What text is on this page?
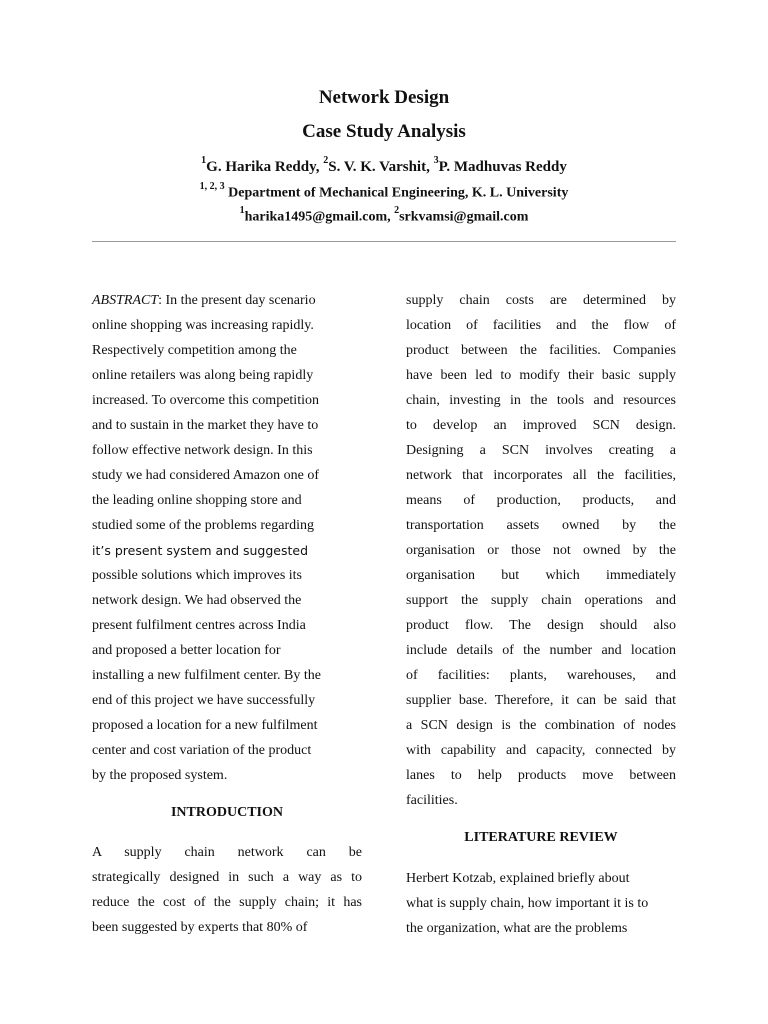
Network Design
Case Study Analysis
$^1$G. Harika Reddy, $^2$S. V. K. Varshit, $^3$P. Madhuvas Reddy
$^{1, 2, 3}$ Department of Mechanical Engineering, K. L. University
$^1$harika1495@gmail.com, $^2$srkvamsi@gmail.com
ABSTRACT: In the present day scenario
online shopping was increasing rapidly.
Respectively competition among the
online retailers was along being rapidly
increased. To overcome this competition
and to sustain in the market they have to
follow effective network design. In this
study we had considered Amazon one of
the leading online shopping store and
studied some of the problems regarding
it’s present system and suggested
possible solutions which improves its
network design. We had observed the
present fulfilment centres across India
and proposed a better location for
installing a new fulfilment center. By the
end of this project we have successfully
proposed a location for a new fulfilment
center and cost variation of the product
by the proposed system.
INTRODUCTION
A supply chain network can be
strategically designed in such a way as to
reduce the cost of the supply chain; it has
been suggested by experts that 80% of
supply chain costs are determined by
location of facilities and the flow of
product between the facilities. Companies
have been led to modify their basic supply
chain, investing in the tools and resources
to develop an improved SCN design.
Designing a SCN involves creating a
network that incorporates all the facilities,
means of production, products, and
transportation assets owned by the
organisation or those not owned by the
organisation but which immediately
support the supply chain operations and
product flow. The design should also
include details of the number and location
of facilities: plants, warehouses, and
supplier base. Therefore, it can be said that
a SCN design is the combination of nodes
with capability and capacity, connected by
lanes to help products move between
facilities.
LITERATURE REVIEW
Herbert Kotzab, explained briefly about
what is supply chain, how important it is to
the organization, what are the problems
